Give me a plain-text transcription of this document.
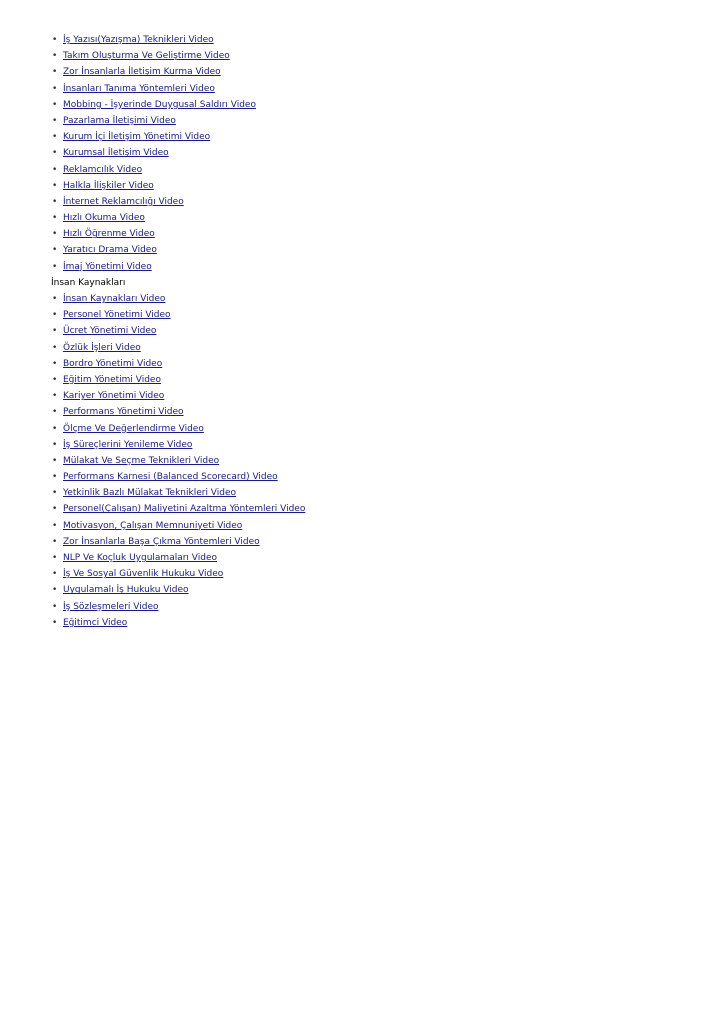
• İş Yazısı(Yazışma) Teknikleri Video
• Takım Oluşturma Ve Geliştirme Video
• Zor İnsanlarla İletişim Kurma Video
• İnsanları Tanıma Yöntemleri Video
• Mobbing - İşyerinde Duygusal Saldırı Video
• Pazarlama İletişimi Video
• Kurum İçi İletişim Yönetimi Video
• Kurumsal İletişim Video
• Reklamcılık Video
• Halkla İlişkiler Video
• İnternet Reklamcılığı Video
• Hızlı Okuma Video
• Hızlı Öğrenme Video
• Yaratıcı Drama Video
• İmaj Yönetimi Video
İnsan Kaynakları
• İnsan Kaynakları Video
• Personel Yönetimi Video
• Ücret Yönetimi Video
• Özlük İşleri Video
• Bordro Yönetimi Video
• Eğitim Yönetimi Video
• Kariyer Yönetimi Video
• Performans Yönetimi Video
• Ölçme Ve Değerlendirme Video
• İş Süreçlerini Yenileme Video
• Mülakat Ve Seçme Teknikleri Video
• Performans Karnesi (Balanced Scorecard) Video
• Yetkinlik Bazlı Mülakat Teknikleri Video
• Personel(Çalışan) Maliyetini Azaltma Yöntemleri Video
• Motivasyon, Çalışan Memnuniyeti Video
• Zor İnsanlarla Başa Çıkma Yöntemleri Video
• NLP Ve Koçluk Uygulamaları Video
• İş Ve Sosyal Güvenlik Hukuku Video
• Uygulamalı İş Hukuku Video
• İş Sözleşmeleri Video
• Eğitimci Video
